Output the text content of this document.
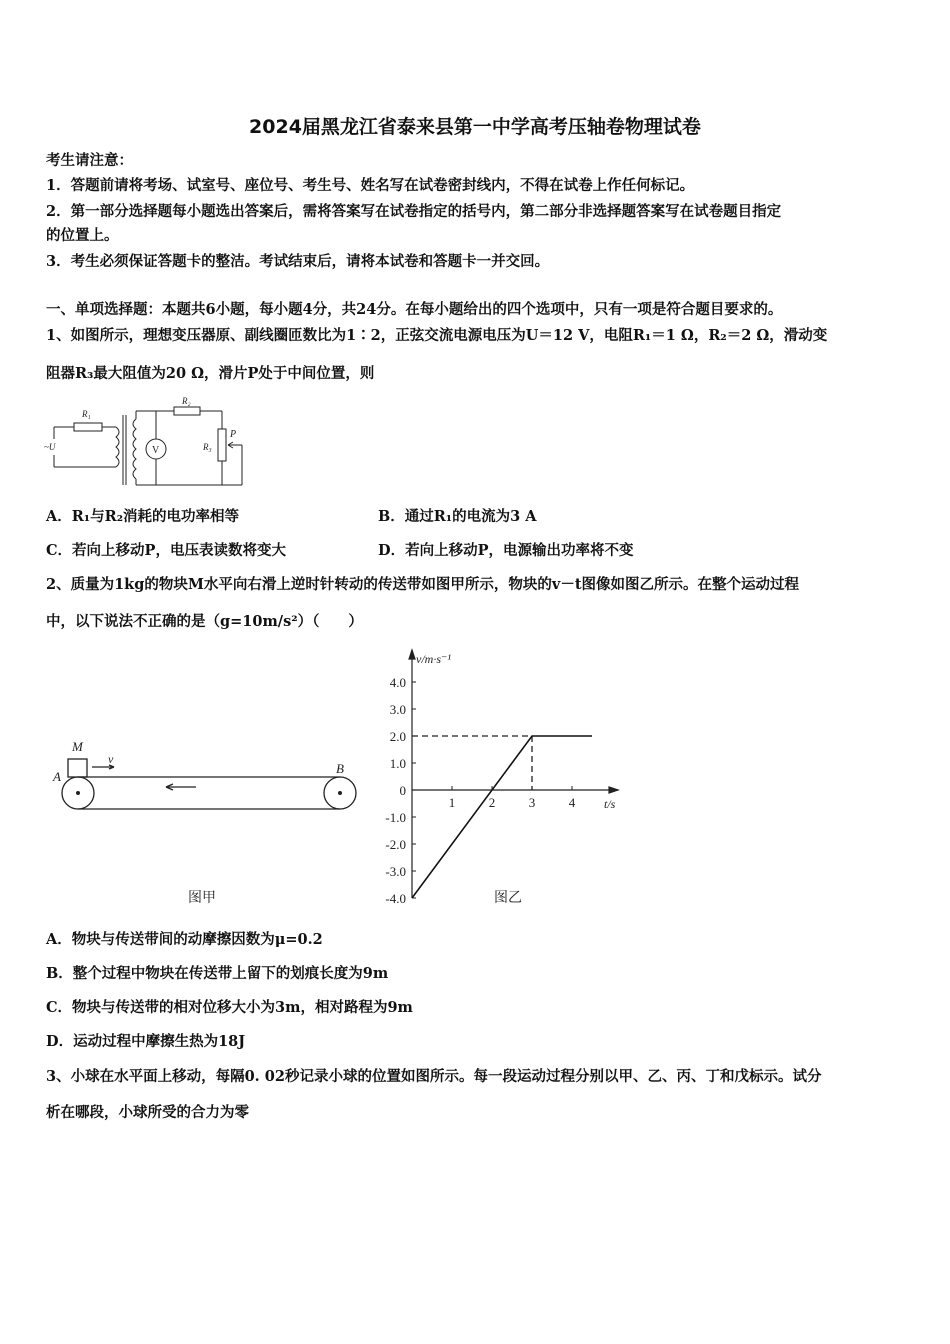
2024届黑龙江省泰来县第一中学高考压轴卷物理试卷
考生请注意：
1．答题前请将考场、试室号、座位号、考生号、姓名写在试卷密封线内，不得在试卷上作任何标记。
2．第一部分选择题每小题选出答案后，需将答案写在试卷指定的括号内，第二部分非选择题答案写在试卷题目指定
的位置上。
3．考生必须保证答题卡的整洁。考试结束后，请将本试卷和答题卡一并交回。
一、单项选择题：本题共6小题，每小题4分，共24分。在每小题给出的四个选项中，只有一项是符合题目要求的。
1、如图所示，理想变压器原、副线圈匝数比为1∶2，正弦交流电源电压为U＝12 V，电阻R₁＝1 Ω，R₂＝2 Ω，滑动变
阻器R₃最大阻值为20 Ω，滑片P处于中间位置，则
R₁
R₂
R₃
P
V
~U
A．R₁与R₂消耗的电功率相等	B．通过R₁的电流为3 A
C．若向上移动P，电压表读数将变大	D．若向上移动P，电源输出功率将不变
2、质量为1kg的物块M水平向右滑上逆时针转动的传送带如图甲所示，物块的v－t图像如图乙所示。在整个运动过程
中，以下说法不正确的是（g=10m/s²）（　　）
M
v
A
B
图甲
4.0
3.0
2.0
1.0
0
-1.0
-2.0
-3.0
-4.0
1	2	3	4
v/m·s⁻¹
t/s
图乙
A．物块与传送带间的动摩擦因数为μ=0.2
B．整个过程中物块在传送带上留下的划痕长度为9m
C．物块与传送带的相对位移大小为3m，相对路程为9m
D．运动过程中摩擦生热为18J
3、小球在水平面上移动，每隔0. 02秒记录小球的位置如图所示。每一段运动过程分别以甲、乙、丙、丁和戊标示。试分
析在哪段，小球所受的合力为零
